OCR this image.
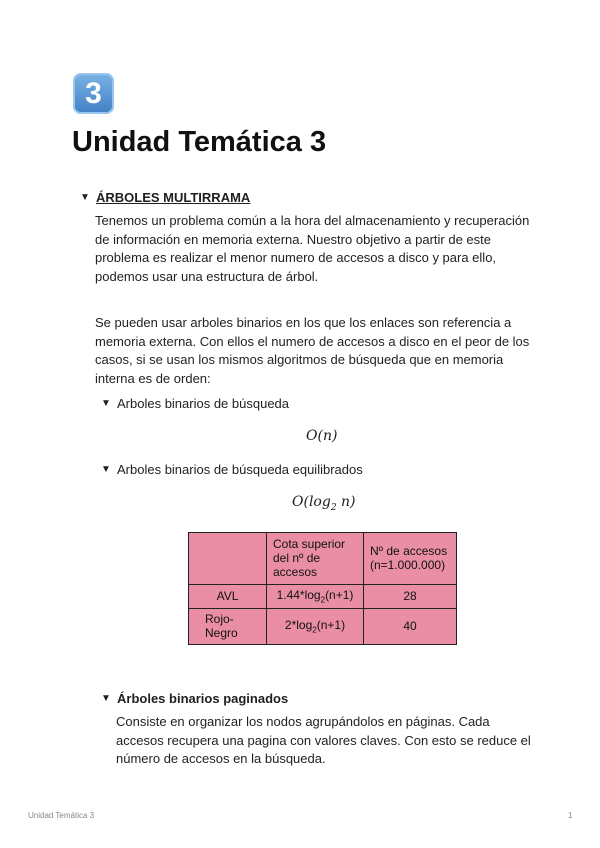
3
Unidad Temática 3
▼ ÁRBOLES MULTIRRAMA

Tenemos un problema común a la hora del almacenamiento y recuperación
de información en memoria externa. Nuestro objetivo a partir de este
problema es realizar el menor numero de accesos a disco y para ello,
podemos usar una estructura de árbol.

Se pueden usar arboles binarios en los que los enlaces son referencia a
memoria externa. Con ellos el numero de accesos a disco en el peor de los
casos, si se usan los mismos algoritmos de búsqueda que en memoria
interna es de orden:

▼ Arboles binarios de búsqueda
O(n)
▼ Arboles binarios de búsqueda equilibrados
$O(\log_2$ n)
	Cota superior del nº de accesos	Nº de accesos (n=1.000.000)
AVL	$1.44*\log_2(n+1)$	28
Rojo-Negro	$2*\log_2(n+1)$	40
▼ Árboles binarios paginados

Consiste en organizar los nodos agrupándolos en páginas. Cada
accesos recupera una pagina con valores claves. Con esto se reduce el
número de accesos en la búsqueda.

Unidad Temática 3	1
